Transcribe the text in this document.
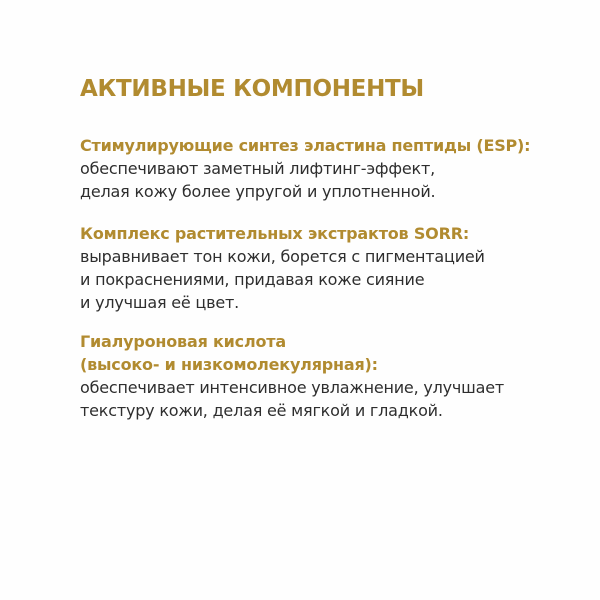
АКТИВНЫЕ КОМПОНЕНТЫ

Стимулирующие синтез эластина пептиды (ESP):

обеспечивают заметный лифтинг-эффект,
делая кожу более упругой и уплотненной.

Комплекс растительных экстрактов SORR:

выравнивает тон кожи, борется с пигментацией
и покраснениями, придавая коже сияние
и улучшая её цвет.

Гиалуроновая кислота
(высоко- и низкомолекулярная):

обеспечивает интенсивное увлажнение, улучшает
текстуру кожи, делая её мягкой и гладкой.
